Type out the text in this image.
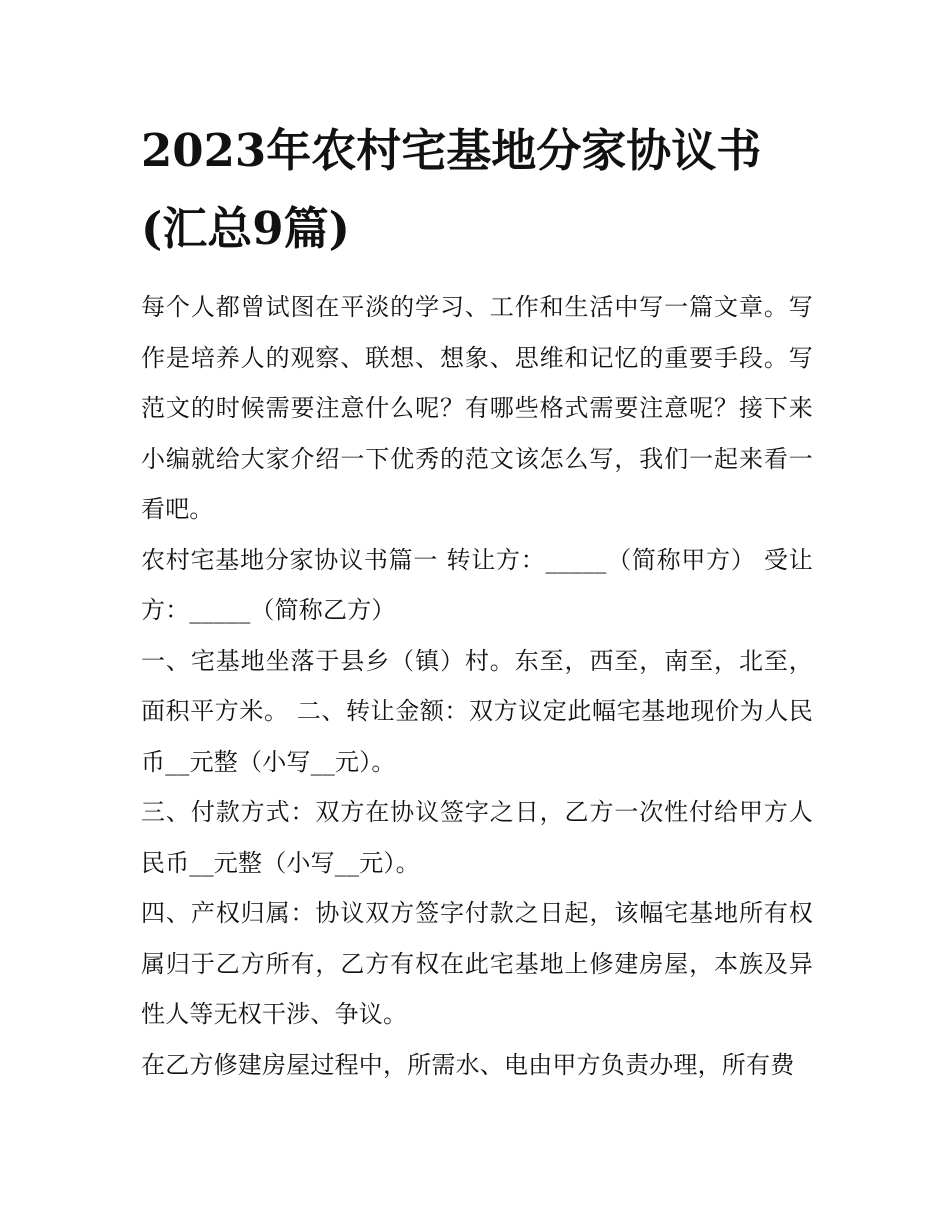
2023年农村宅基地分家协议书(汇总9篇)

每个人都曾试图在平淡的学习、工作和生活中写一篇文章。写作是培养人的观察、联想、想象、思维和记忆的重要手段。写范文的时候需要注意什么呢？有哪些格式需要注意呢？接下来小编就给大家介绍一下优秀的范文该怎么写，我们一起来看一看吧。

农村宅基地分家协议书篇一 转让方：_____（简称甲方） 受让方：_____（简称乙方）

一、宅基地坐落于县乡（镇）村。东至，西至，南至，北至，面积平方米。 二、转让金额：双方议定此幅宅基地现价为人民币__元整（小写__元）。

三、付款方式：双方在协议签字之日，乙方一次性付给甲方人民币__元整（小写__元）。

四、产权归属：协议双方签字付款之日起，该幅宅基地所有权属归于乙方所有，乙方有权在此宅基地上修建房屋，本族及异性人等无权干涉、争议。

在乙方修建房屋过程中，所需水、电由甲方负责办理，所有费
